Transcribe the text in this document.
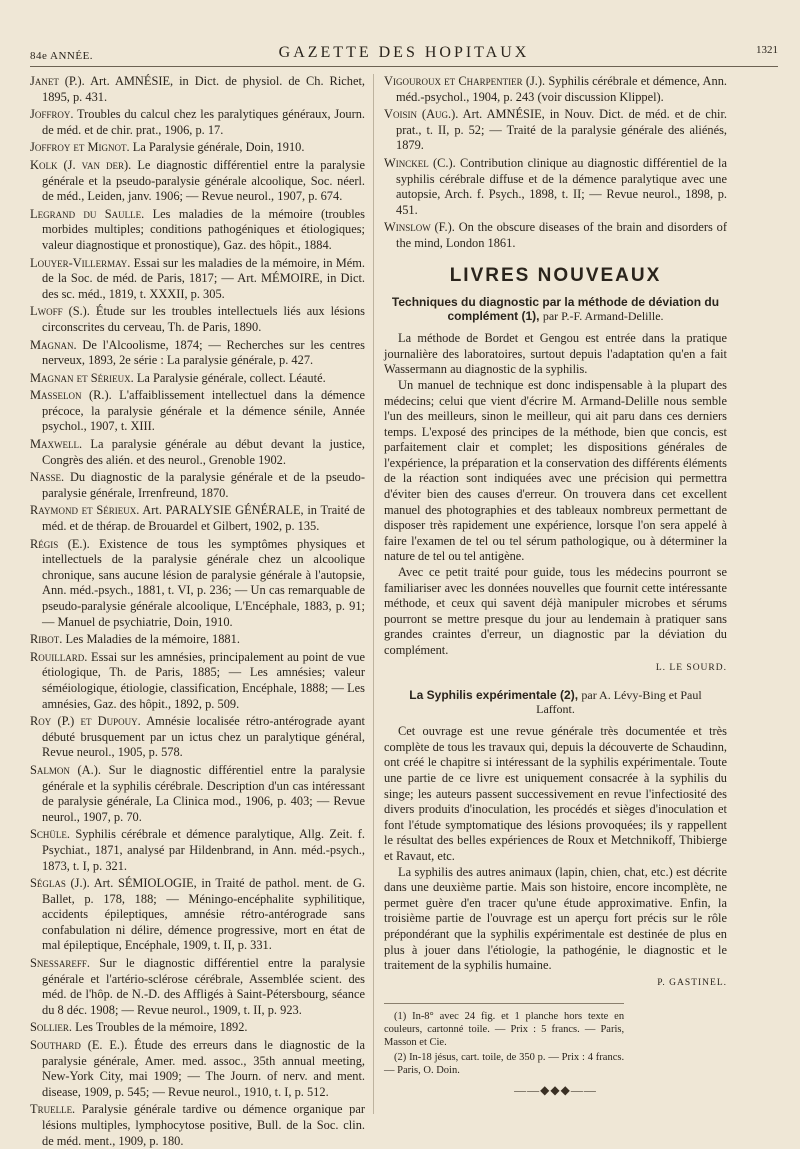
84e ANNÉE.	GAZETTE DES HOPITAUX	1321

Janet (P.). Art. AMNÉSIE, in Dict. de physiol. de Ch. Richet, 1895, p. 431.

Joffroy. Troubles du calcul chez les paralytiques généraux, Journ. de méd. et de chir. prat., 1906, p. 17.

Joffroy et Mignot. La Paralysie générale, Doin, 1910.

Kolk (J. van der). Le diagnostic différentiel entre la paralysie générale et la pseudo-paralysie générale alcoolique, Soc. néerl. de méd., Leiden, janv. 1906; — Revue neurol., 1907, p. 674.

Legrand du Saulle. Les maladies de la mémoire (troubles morbides multiples; conditions pathogéniques et étiologiques; valeur diagnostique et pronostique), Gaz. des hôpit., 1884.

Louyer-Villermay. Essai sur les maladies de la mémoire, in Mém. de la Soc. de méd. de Paris, 1817; — Art. MÉMOIRE, in Dict. des sc. méd., 1819, t. XXXII, p. 305.

Lwoff (S.). Étude sur les troubles intellectuels liés aux lésions circonscrites du cerveau, Th. de Paris, 1890.

Magnan. De l'Alcoolisme, 1874; — Recherches sur les centres nerveux, 1893, 2e série : La paralysie générale, p. 427.

Magnan et Sérieux. La Paralysie générale, collect. Léauté.

Masselon (R.). L'affaiblissement intellectuel dans la démence précoce, la paralysie générale et la démence sénile, Année psychol., 1907, t. XIII.

Maxwell. La paralysie générale au début devant la justice, Congrès des alién. et des neurol., Grenoble 1902.

Nasse. Du diagnostic de la paralysie générale et de la pseudo-paralysie générale, Irrenfreund, 1870.

Raymond et Sérieux. Art. PARALYSIE GÉNÉRALE, in Traité de méd. et de thérap. de Brouardel et Gilbert, 1902, p. 135.

Régis (E.). Existence de tous les symptômes physiques et intellectuels de la paralysie générale chez un alcoolique chronique, sans aucune lésion de paralysie générale à l'autopsie, Ann. méd.-psych., 1881, t. VI, p. 236; — Un cas remarquable de pseudo-paralysie générale alcoolique, L'Encéphale, 1883, p. 91; — Manuel de psychiatrie, Doin, 1910.

Ribot. Les Maladies de la mémoire, 1881.

Rouillard. Essai sur les amnésies, principalement au point de vue étiologique, Th. de Paris, 1885; — Les amnésies; valeur séméiologique, étiologie, classification, Encéphale, 1888; — Les amnésies, Gaz. des hôpit., 1892, p. 509.

Roy (P.) et Dupouy. Amnésie localisée rétro-antérograde ayant débuté brusquement par un ictus chez un paralytique général, Revue neurol., 1905, p. 578.

Salmon (A.). Sur le diagnostic différentiel entre la paralysie générale et la syphilis cérébrale. Description d'un cas intéressant de paralysie générale, La Clinica mod., 1906, p. 403; — Revue neurol., 1907, p. 70.

Schüle. Syphilis cérébrale et démence paralytique, Allg. Zeit. f. Psychiat., 1871, analysé par Hildenbrand, in Ann. méd.-psych., 1873, t. I, p. 321.

Séglas (J.). Art. SÉMIOLOGIE, in Traité de pathol. ment. de G. Ballet, p. 178, 188; — Méningo-encéphalite syphilitique, accidents épileptiques, amnésie rétro-antérograde sans confabulation ni délire, démence progressive, mort en état de mal épileptique, Encéphale, 1909, t. II, p. 331.

Snessareff. Sur le diagnostic différentiel entre la paralysie générale et l'artério-sclérose cérébrale, Assemblée scient. des méd. de l'hôp. de N.-D. des Affligés à Saint-Pétersbourg, séance du 8 déc. 1908; — Revue neurol., 1909, t. II, p. 923.

Sollier. Les Troubles de la mémoire, 1892.

Southard (E. E.). Étude des erreurs dans le diagnostic de la paralysie générale, Amer. med. assoc., 35th annual meeting, New-York City, mai 1909; — The Journ. of nerv. and ment. disease, 1909, p. 545; — Revue neurol., 1910, t. I, p. 512.

Truelle. Paralysie générale tardive ou démence organique par lésions multiples, lymphocytose positive, Bull. de la Soc. clin. de méd. ment., 1909, p. 180.

Vigouroux et Charpentier (J.). Syphilis cérébrale et démence, Ann. méd.-psychol., 1904, p. 243 (voir discussion Klippel).

Voisin (Aug.). Art. AMNÉSIE, in Nouv. Dict. de méd. et de chir. prat., t. II, p. 52; — Traité de la paralysie générale des aliénés, 1879.

Winckel (C.). Contribution clinique au diagnostic différentiel de la syphilis cérébrale diffuse et de la démence paralytique avec une autopsie, Arch. f. Psych., 1898, t. II; — Revue neurol., 1898, p. 451.

Winslow (F.). On the obscure diseases of the brain and disorders of the mind, London 1861.

LIVRES NOUVEAUX
Techniques du diagnostic par la méthode de déviation du complément (1), par P.-F. Armand-Delille.

La méthode de Bordet et Gengou est entrée dans la pratique journalière des laboratoires, surtout depuis l'adaptation qu'en a fait Wassermann au diagnostic de la syphilis.

Un manuel de technique est donc indispensable à la plupart des médecins; celui que vient d'écrire M. Armand-Delille nous semble l'un des meilleurs, sinon le meilleur, qui ait paru dans ces derniers temps. L'exposé des principes de la méthode, bien que concis, est parfaitement clair et complet; les dispositions générales de l'expérience, la préparation et la conservation des différents éléments de la réaction sont indiquées avec une précision qui permettra d'éviter bien des causes d'erreur. On trouvera dans cet excellent manuel des photographies et des tableaux nombreux permettant de disposer très rapidement une expérience, lorsque l'on sera appelé à faire l'examen de tel ou tel sérum pathologique, ou à déterminer la nature de tel ou tel antigène.

Avec ce petit traité pour guide, tous les médecins pourront se familiariser avec les données nouvelles que fournit cette intéressante méthode, et ceux qui savent déjà manipuler microbes et sérums pourront se mettre presque du jour au lendemain à pratiquer sans grandes craintes d'erreur, un diagnostic par la déviation du complément.

L. LE SOURD.

La Syphilis expérimentale (2), par A. Lévy-Bing et Paul Laffont.

Cet ouvrage est une revue générale très documentée et très complète de tous les travaux qui, depuis la découverte de Schaudinn, ont créé le chapitre si intéressant de la syphilis expérimentale. Toute une partie de ce livre est uniquement consacrée à la syphilis du singe; les auteurs passent successivement en revue l'infectiosité des divers produits d'inoculation, les procédés et sièges d'inoculation et font l'étude symptomatique des lésions provoquées; ils y rappellent le résultat des belles expériences de Roux et Metchnikoff, Thibierge et Ravaut, etc.

La syphilis des autres animaux (lapin, chien, chat, etc.) est décrite dans une deuxième partie. Mais son histoire, encore incomplète, ne permet guère d'en tracer qu'une étude approximative. Enfin, la troisième partie de l'ouvrage est un aperçu fort précis sur le rôle prépondérant que la syphilis expérimentale est destinée de plus en plus à jouer dans l'étiologie, la pathogénie, le diagnostic et le traitement de la syphilis humaine.

P. GASTINEL.

(1) In-8° avec 24 fig. et 1 planche hors texte en couleurs, cartonné toile. — Prix : 5 francs. — Paris, Masson et Cie.

(2) In-18 jésus, cart. toile, de 350 p. — Prix : 4 francs. — Paris, O. Doin.

——◆◆◆——
